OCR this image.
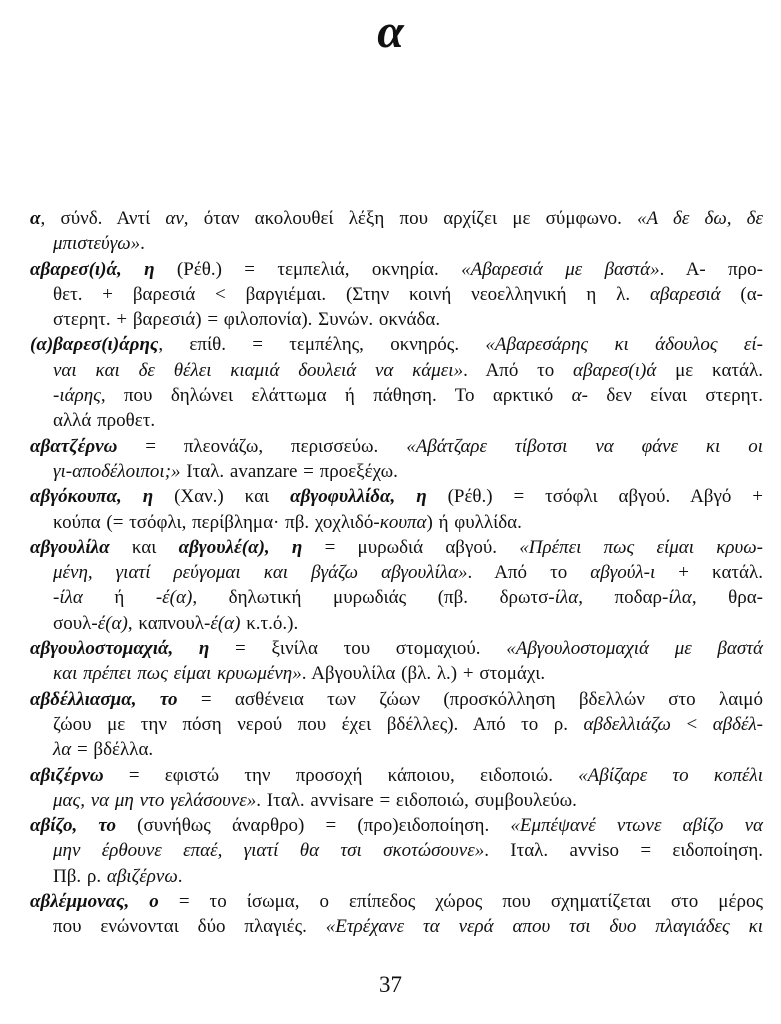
α
α, σύνδ. Αντί αν, όταν ακολουθεί λέξη που αρχίζει με σύμφωνο. «Α δε δω, δε
μπιστεύγω».
αβαρεσ(ι)ά, η (Ρέθ.) = τεμπελιά, οκνηρία. «Αβαρεσιά με βαστά». Α- προ-
θετ. + βαρεσιά < βαργιέμαι. (Στην κοινή νεοελληνική η λ. αβαρεσιά (α-
στερητ. + βαρεσιά) = φιλοπονία). Συνών. οκνάδα.
(α)βαρεσ(ι)άρης, επίθ. = τεμπέλης, οκνηρός. «Αβαρεσάρης κι άδουλος εί-
ναι και δε θέλει κιαμιά δουλειά να κάμει». Από το αβαρεσ(ι)ά με κατάλ.
-ιάρης, που δηλώνει ελάττωμα ή πάθηση. Το αρκτικό α- δεν είναι στερητ.
αλλά προθετ.
αβατζέρνω = πλεονάζω, περισσεύω. «Αβάτζαρε τίβοτσι να φάνε κι οι
γι-αποδέλοιποι;» Ιταλ. avanzare = προεξέχω.
αβγόκουπα, η (Χαν.) και αβγοφυλλίδα, η (Ρέθ.) = τσόφλι αβγού. Αβγό +
κούπα (= τσόφλι, περίβλημα· πβ. χοχλιδό-κουπα) ή φυλλίδα.
αβγουλίλα και αβγουλέ(α), η = μυρωδιά αβγού. «Πρέπει πως είμαι κρυω-
μένη, γιατί ρεύγομαι και βγάζω αβγουλίλα». Από το αβγούλ-ι + κατάλ.
-ίλα ή -έ(α), δηλωτική μυρωδιάς (πβ. δρωτσ-ίλα, ποδαρ-ίλα, θρα-
σουλ-έ(α), καπνουλ-έ(α) κ.τ.ό.).
αβγουλοστομαχιά, η = ξινίλα του στομαχιού. «Αβγουλοστομαχιά με βαστά
και πρέπει πως είμαι κρυωμένη». Αβγουλίλα (βλ. λ.) + στομάχι.
αβδέλλιασμα, το = ασθένεια των ζώων (προσκόλληση βδελλών στο λαιμό
ζώου με την πόση νερού που έχει βδέλλες). Από το ρ. αβδελλιάζω < αβδέλ-
λα = βδέλλα.
αβιζέρνω = εφιστώ την προσοχή κάποιου, ειδοποιώ. «Αβίζαρε το κοπέλι
μας, να μη ντο γελάσουνε». Ιταλ. avvisare = ειδοποιώ, συμβουλεύω.
αβίζο, το (συνήθως άναρθρο) = (προ)ειδοποίηση. «Εμπέψανέ ντωνε αβίζο να
μην έρθουνε επαέ, γιατί θα τσι σκοτώσουνε». Ιταλ. avviso = ειδοποίηση.
Πβ. ρ. αβιζέρνω.
αβλέμμονας, ο = το ίσωμα, ο επίπεδος χώρος που σχηματίζεται στο μέρος
που ενώνονται δύο πλαγιές. «Ετρέχανε τα νερά απου τσι δυο πλαγιάδες κι
37
